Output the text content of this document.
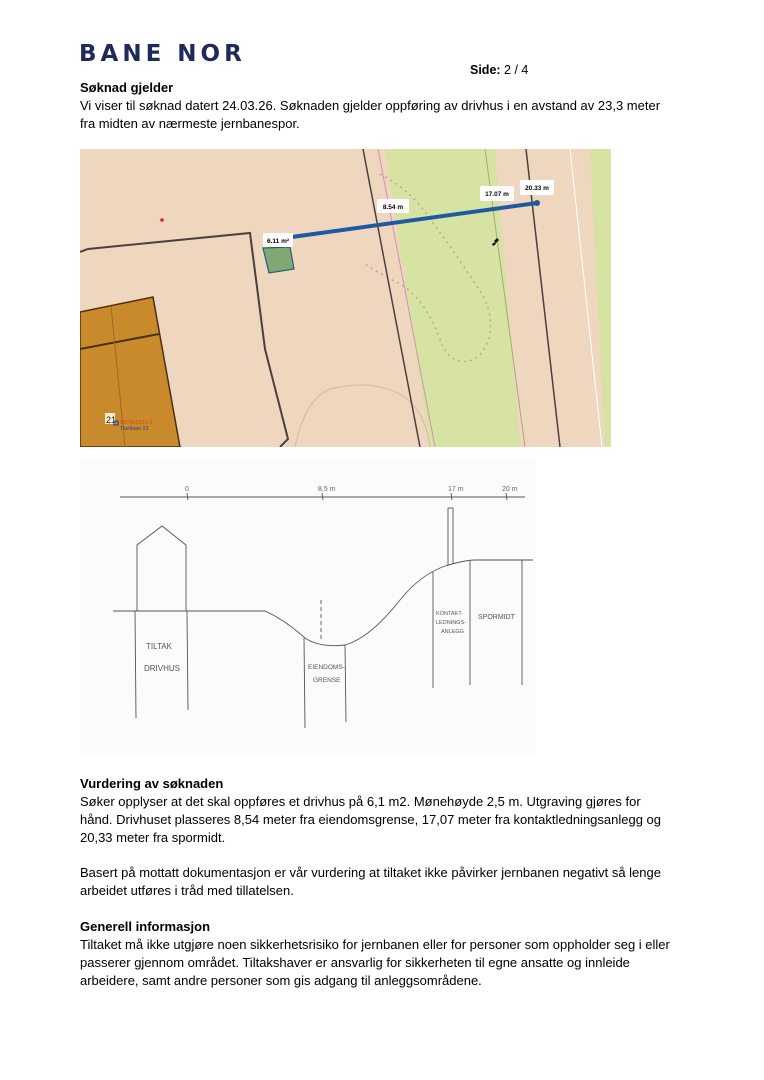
BANE NOR
Side: 2 / 4
Søknad gjelder

Vi viser til søknad datert 24.03.26. Søknaden gjelder oppføring av drivhus i en avstand av 23,3 meter fra midten av nærmeste jernbanespor.

6.11 m²
8.54 m
17.07 m
20.33 m
21 157402331-2
Tiuråsen 21
0	8,5 m	17 m	20 m
TILTAK
DRIVHUS	EIENDOMS-
GRENSE
KONTAKT-
LEDNINGS-
ANLEGG
SPORMIDT
Vurdering av søknaden

Søker opplyser at det skal oppføres et drivhus på 6,1 m2. Mønehøyde 2,5 m. Utgraving gjøres for hånd. Drivhuset plasseres 8,54 meter fra eiendomsgrense, 17,07 meter fra kontaktledningsanlegg og 20,33 meter fra spormidt.

Basert på mottatt dokumentasjon er vår vurdering at tiltaket ikke påvirker jernbanen negativt så lenge arbeidet utføres i tråd med tillatelsen.

Generell informasjon

Tiltaket må ikke utgjøre noen sikkerhetsrisiko for jernbanen eller for personer som oppholder seg i eller passerer gjennom området. Tiltakshaver er ansvarlig for sikkerheten til egne ansatte og innleide arbeidere, samt andre personer som gis adgang til anleggsområdene.
